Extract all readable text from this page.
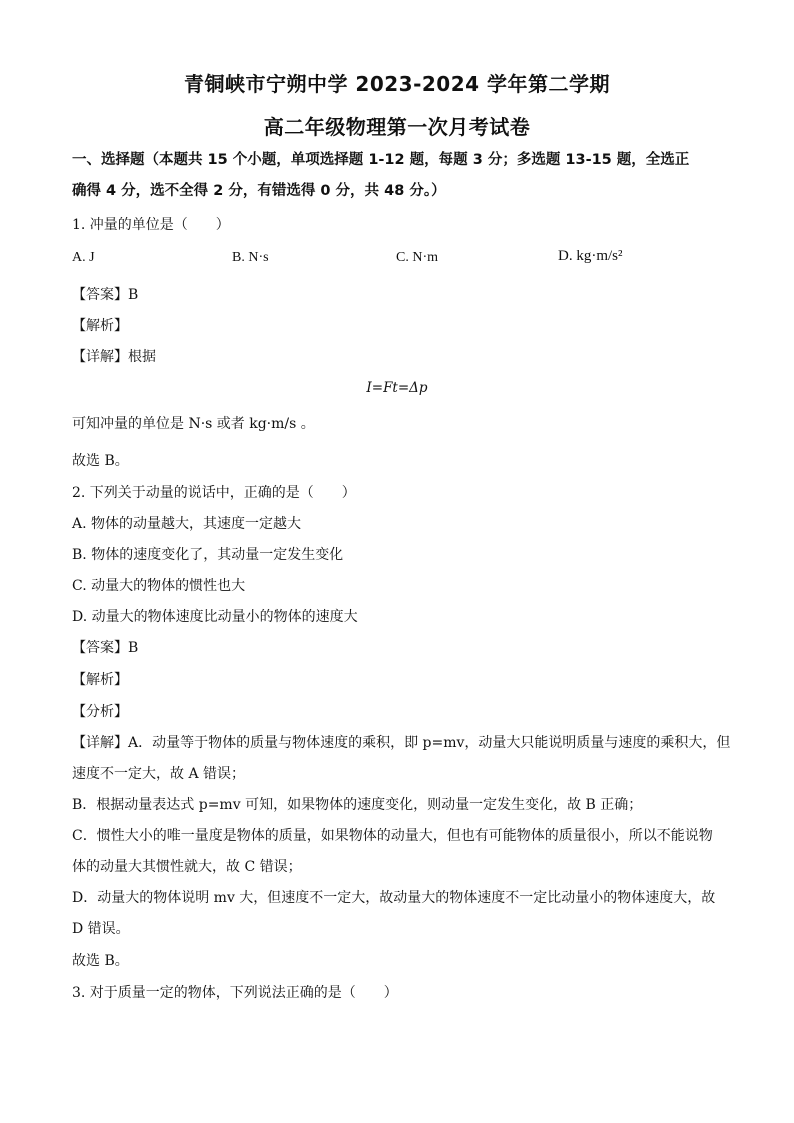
青铜峡市宁朔中学 2023-2024 学年第二学期
高二年级物理第一次月考试卷
一、选择题（本题共 15 个小题，单项选择题 1-12 题，每题 3 分；多选题 13-15 题，全选正
确得 4 分，选不全得 2 分，有错选得 0 分，共 48 分。）
1. 冲量的单位是（　　）
A. J	B. N·s	C. N·m	D. kg·m/s²
【答案】B
【解析】
【详解】根据
I=Ft=Δp
可知冲量的单位是 N·s 或者 kg·m/s 。
故选 B。
2. 下列关于动量的说话中，正确的是（　　）
A. 物体的动量越大，其速度一定越大
B. 物体的速度变化了，其动量一定发生变化
C. 动量大的物体的惯性也大
D. 动量大的物体速度比动量小的物体的速度大
【答案】B
【解析】
【分析】
【详解】A．动量等于物体的质量与物体速度的乘积，即 p=mv，动量大只能说明质量与速度的乘积大，但
速度不一定大，故 A 错误；
B．根据动量表达式 p=mv 可知，如果物体的速度变化，则动量一定发生变化，故 B 正确；
C．惯性大小的唯一量度是物体的质量，如果物体的动量大，但也有可能物体的质量很小，所以不能说物
体的动量大其惯性就大，故 C 错误；
D．动量大的物体说明 mv 大，但速度不一定大，故动量大的物体速度不一定比动量小的物体速度大，故
D 错误。
故选 B。
3. 对于质量一定的物体，下列说法正确的是（　　）
